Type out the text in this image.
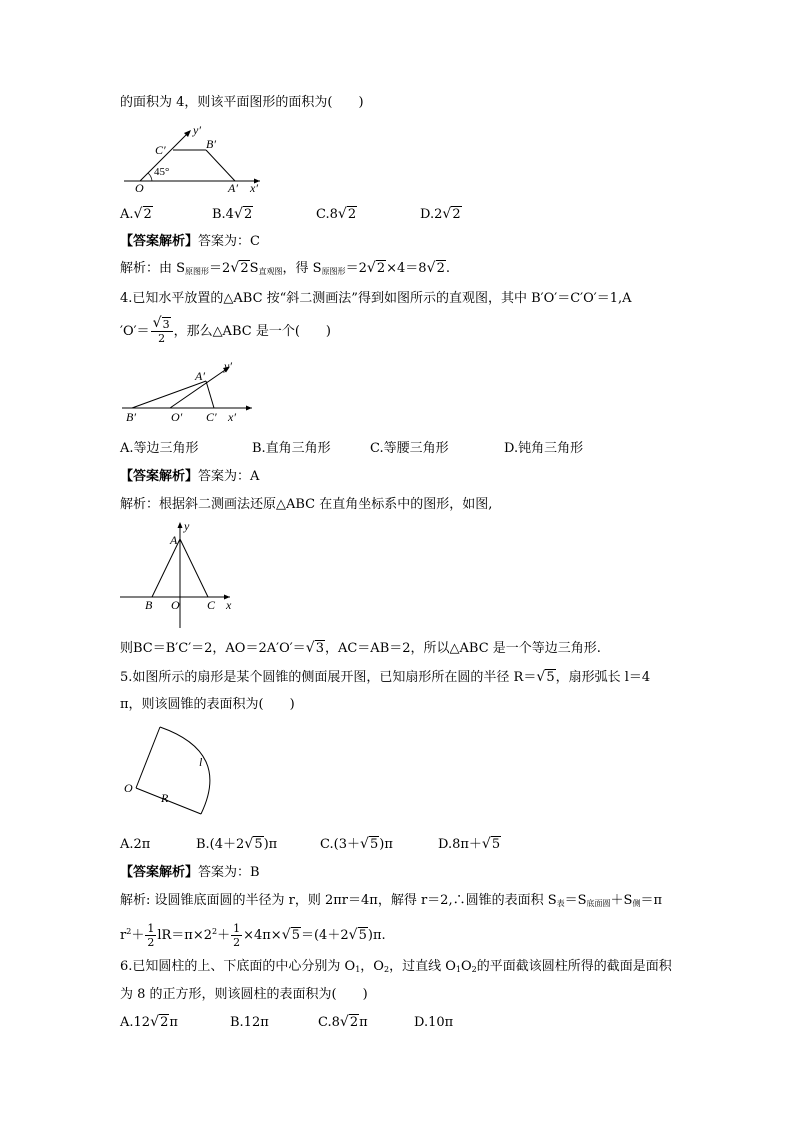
的面积为 4，则该平面图形的面积为(　　)
y′
C′	B′
45°
O	A′ x′
A.√ 2	B.4√ 2	C.8√ 2	D.2√ 2
【答案解析】答案为：C
解析：由 $S_{原图形}=2√$ $2S_{直观图}$，得 $S_{原图形}=2√$ 2×4＝8√ 2.
4.已知水平放置的△ABC 按“斜二测画法”得到如图所示的直观图，其中 B′O′＝C′O′＝1,A
′O′＝
√ $\frac{3}{2}$ ，那么△ABC 是一个(　　)
A′
y′
B′	O′ C′ x′
A.等边三角形	B.直角三角形	C.等腰三角形	D.钝角三角形
【答案解析】答案为：A
解析：根据斜二测画法还原△ABC 在直角坐标系中的图形，如图,
y
A
B O C x
则BC＝B′C′＝2，AO＝2A′O′＝√ 3，AC＝AB＝2，所以△ABC 是一个等边三角形.
5.如图所示的扇形是某个圆锥的侧面展开图，已知扇形所在圆的半径 R＝√ 5，扇形弧长 l＝4
π，则该圆锥的表面积为(　　)
O
R
l
A.2π	B.(4＋2√ 5)π	C.(3＋√ 5)π	D.8π＋√ 5
【答案解析】答案为：B
解析: 设圆锥底面圆的半径为 r，则 2πr＝4π，解得 r＝2,∴圆锥的表面积 $S_表=S_{底面圆}+S_侧=\pi$
$r^2+ \frac{1}{2} lR=\pi\times 2^2+ \frac{1}{2} \times 4\pi\times√$ 5＝(4＋2√ 5)π.
6.已知圆柱的上、下底面的中心分别为 $O_1$，$O_2$，过直线 $O_1O_2$的平面截该圆柱所得的截面是面积
为 8 的正方形，则该圆柱的表面积为(　　)
A.12√ 2π	B.12π	C.8√ 2π	D.10π
